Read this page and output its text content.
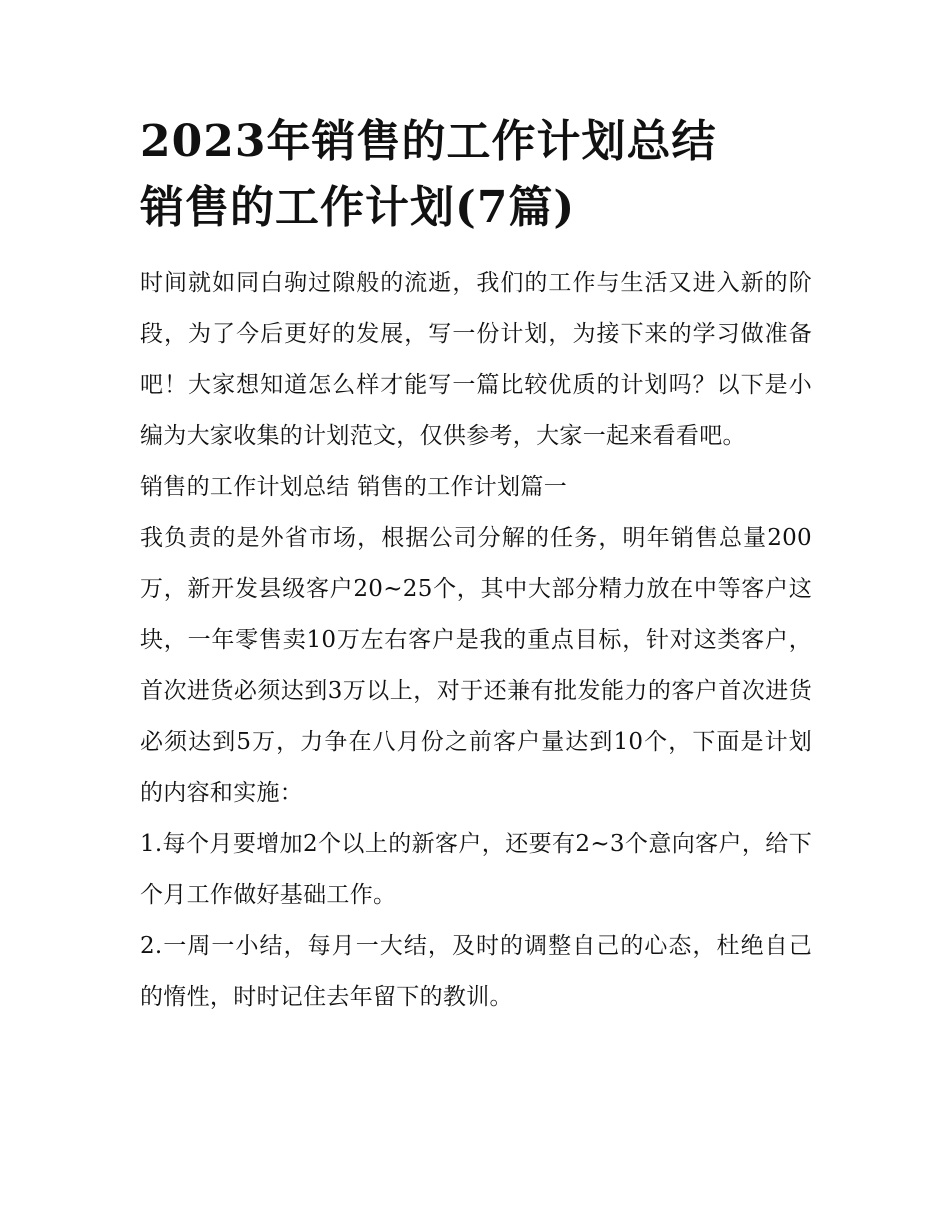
2023年销售的工作计划总结
销售的工作计划(7篇)

时间就如同白驹过隙般的流逝，我们的工作与生活又进入新的阶段，为了今后更好的发展，写一份计划，为接下来的学习做准备吧！大家想知道怎么样才能写一篇比较优质的计划吗？以下是小编为大家收集的计划范文，仅供参考，大家一起来看看吧。

销售的工作计划总结 销售的工作计划篇一

我负责的是外省市场，根据公司分解的任务，明年销售总量200万，新开发县级客户20~25个，其中大部分精力放在中等客户这块，一年零售卖10万左右客户是我的重点目标，针对这类客户，首次进货必须达到3万以上，对于还兼有批发能力的客户首次进货必须达到5万，力争在八月份之前客户量达到10个，下面是计划的内容和实施：

1.每个月要增加2个以上的新客户，还要有2~3个意向客户，给下个月工作做好基础工作。

2.一周一小结，每月一大结，及时的调整自己的心态，杜绝自己的惰性，时时记住去年留下的教训。
